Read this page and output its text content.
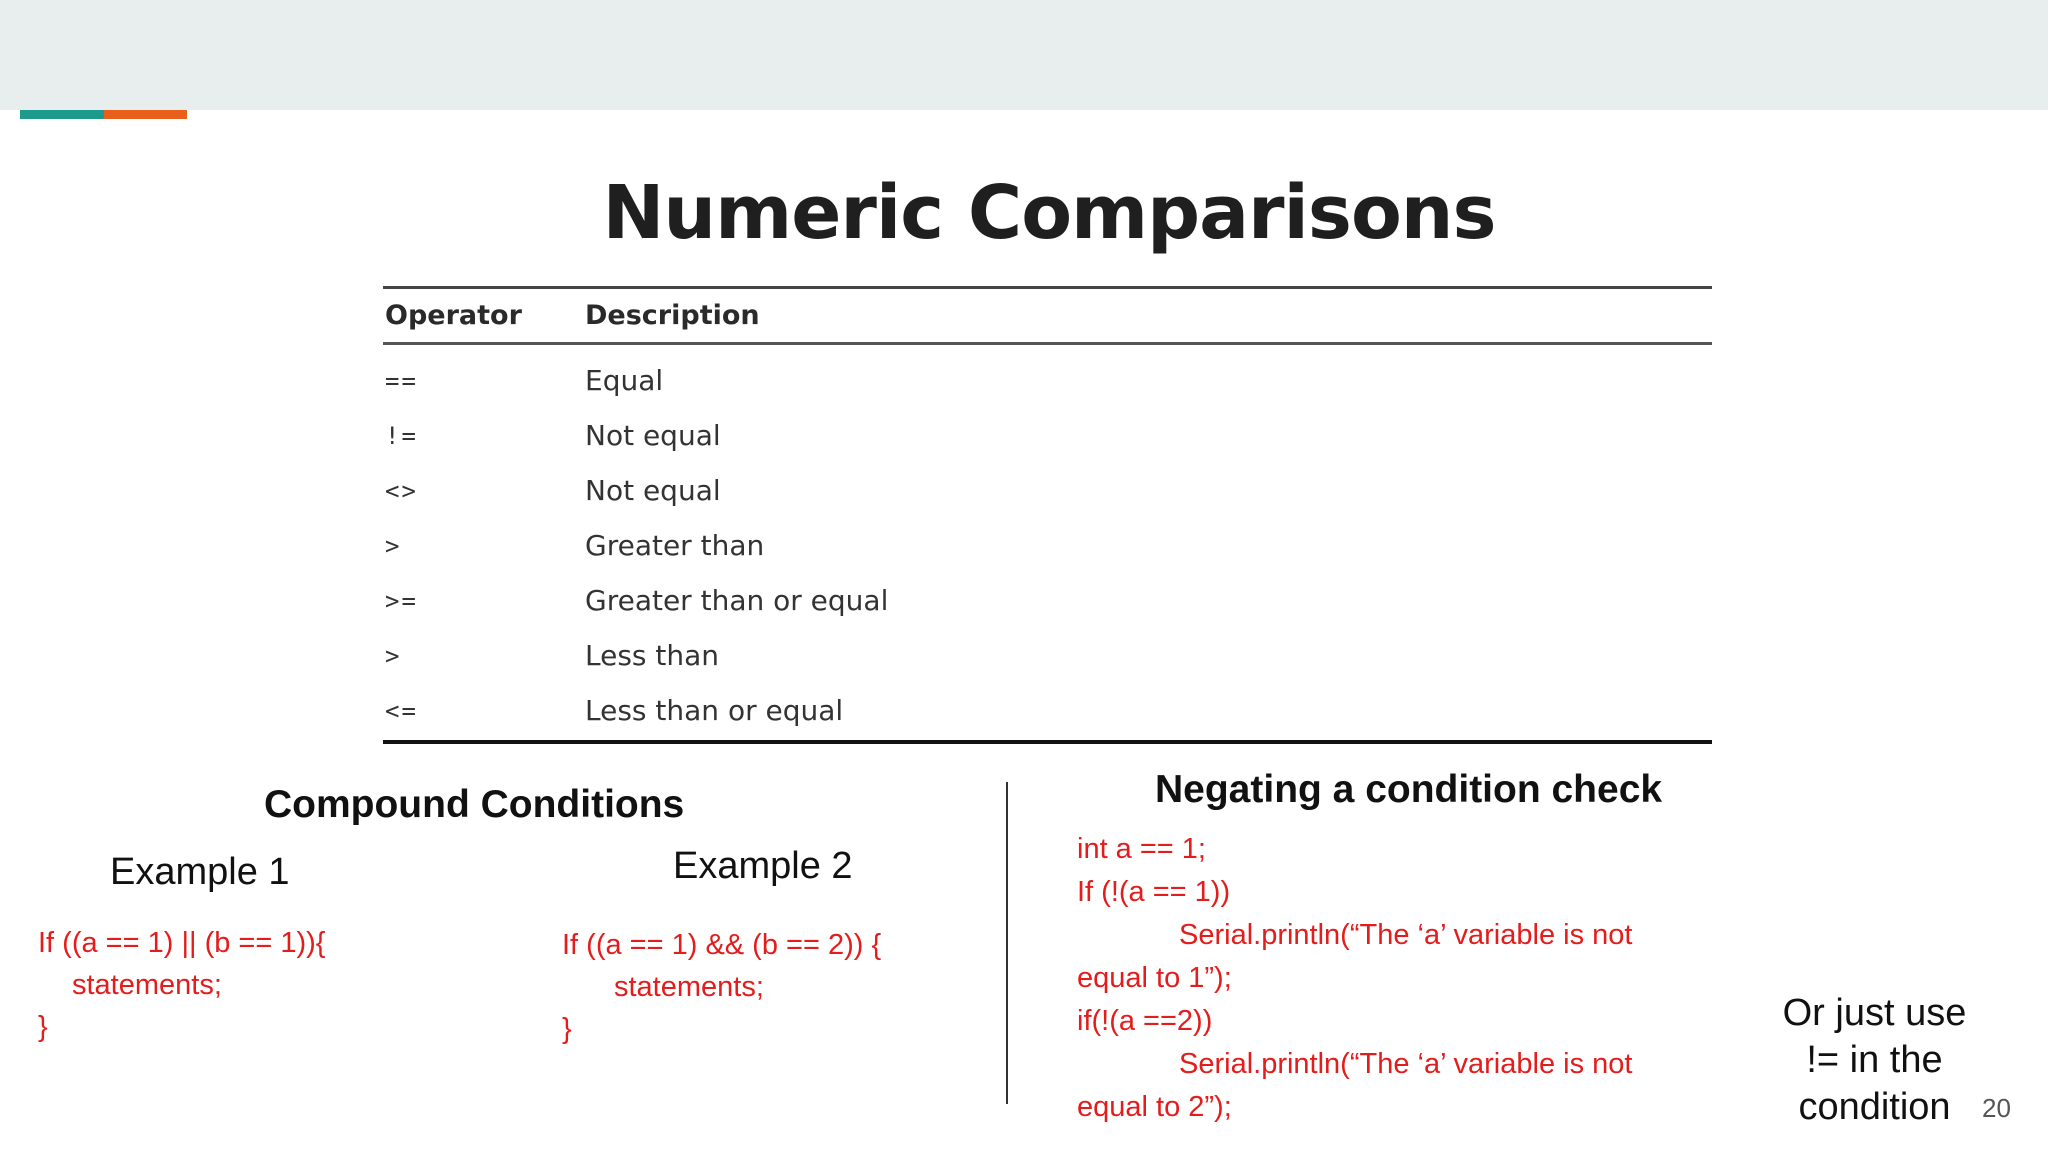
Numeric Comparisons
Operator	Description
==	Equal
!=	Not equal
<>	Not equal
>	Greater than
>=	Greater than or equal
>	Less than
<=	Less than or equal
Compound Conditions
Example 1
If ((a == 1) || (b == 1)){
statements;
}
Example 2
If ((a == 1) && (b == 2)) {
statements;
}
Negating a condition check
int a == 1;
If (!(a == 1))
Serial.println(“The ‘a’ variable is not
equal to 1”);
if(!(a ==2))
Serial.println(“The ‘a’ variable is not
equal to 2”);
Or just use
!= in the
condition	20
